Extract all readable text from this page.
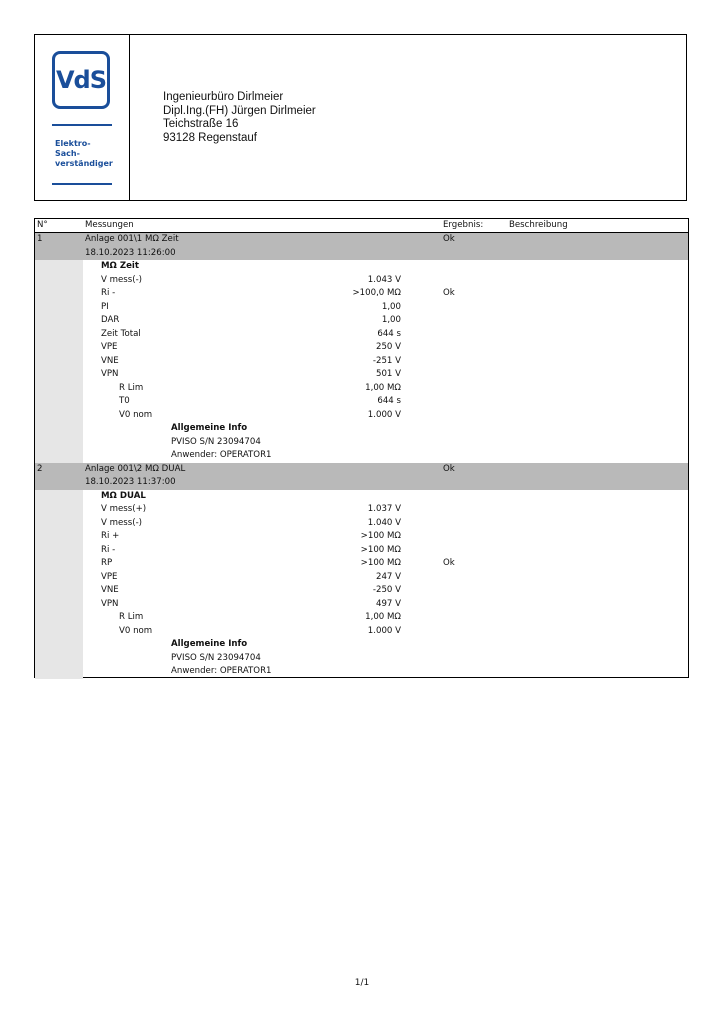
VdS
Elektro-
Sach-
verständiger
Ingenieurbüro Dirlmeier
Dipl.Ing.(FH) Jürgen Dirlmeier
Teichstraße 16
93128 Regenstauf
N°	Messungen	Ergebnis:	Beschreibung
1	Anlage 001\1 MΩ Zeit	Ok
18.10.2023 11:26:00
MΩ Zeit
V mess(-)	1.043 V
Ri -	>100,0 MΩ	Ok
PI	1,00
DAR	1,00
Zeit Total	644 s
VPE	250 V
VNE	-251 V
VPN	501 V
R Lim	1,00 MΩ
T0	644 s
V0 nom	1.000 V
Allgemeine Info
PVISO S/N 23094704
Anwender: OPERATOR1
2	Anlage 001\2 MΩ DUAL	Ok
18.10.2023 11:37:00
MΩ DUAL
V mess(+)	1.037 V
V mess(-)	1.040 V
Ri +	>100 MΩ
Ri -	>100 MΩ
RP	>100 MΩ	Ok
VPE	247 V
VNE	-250 V
VPN	497 V
R Lim	1,00 MΩ
V0 nom	1.000 V
Allgemeine Info
PVISO S/N 23094704
Anwender: OPERATOR1
1/1
